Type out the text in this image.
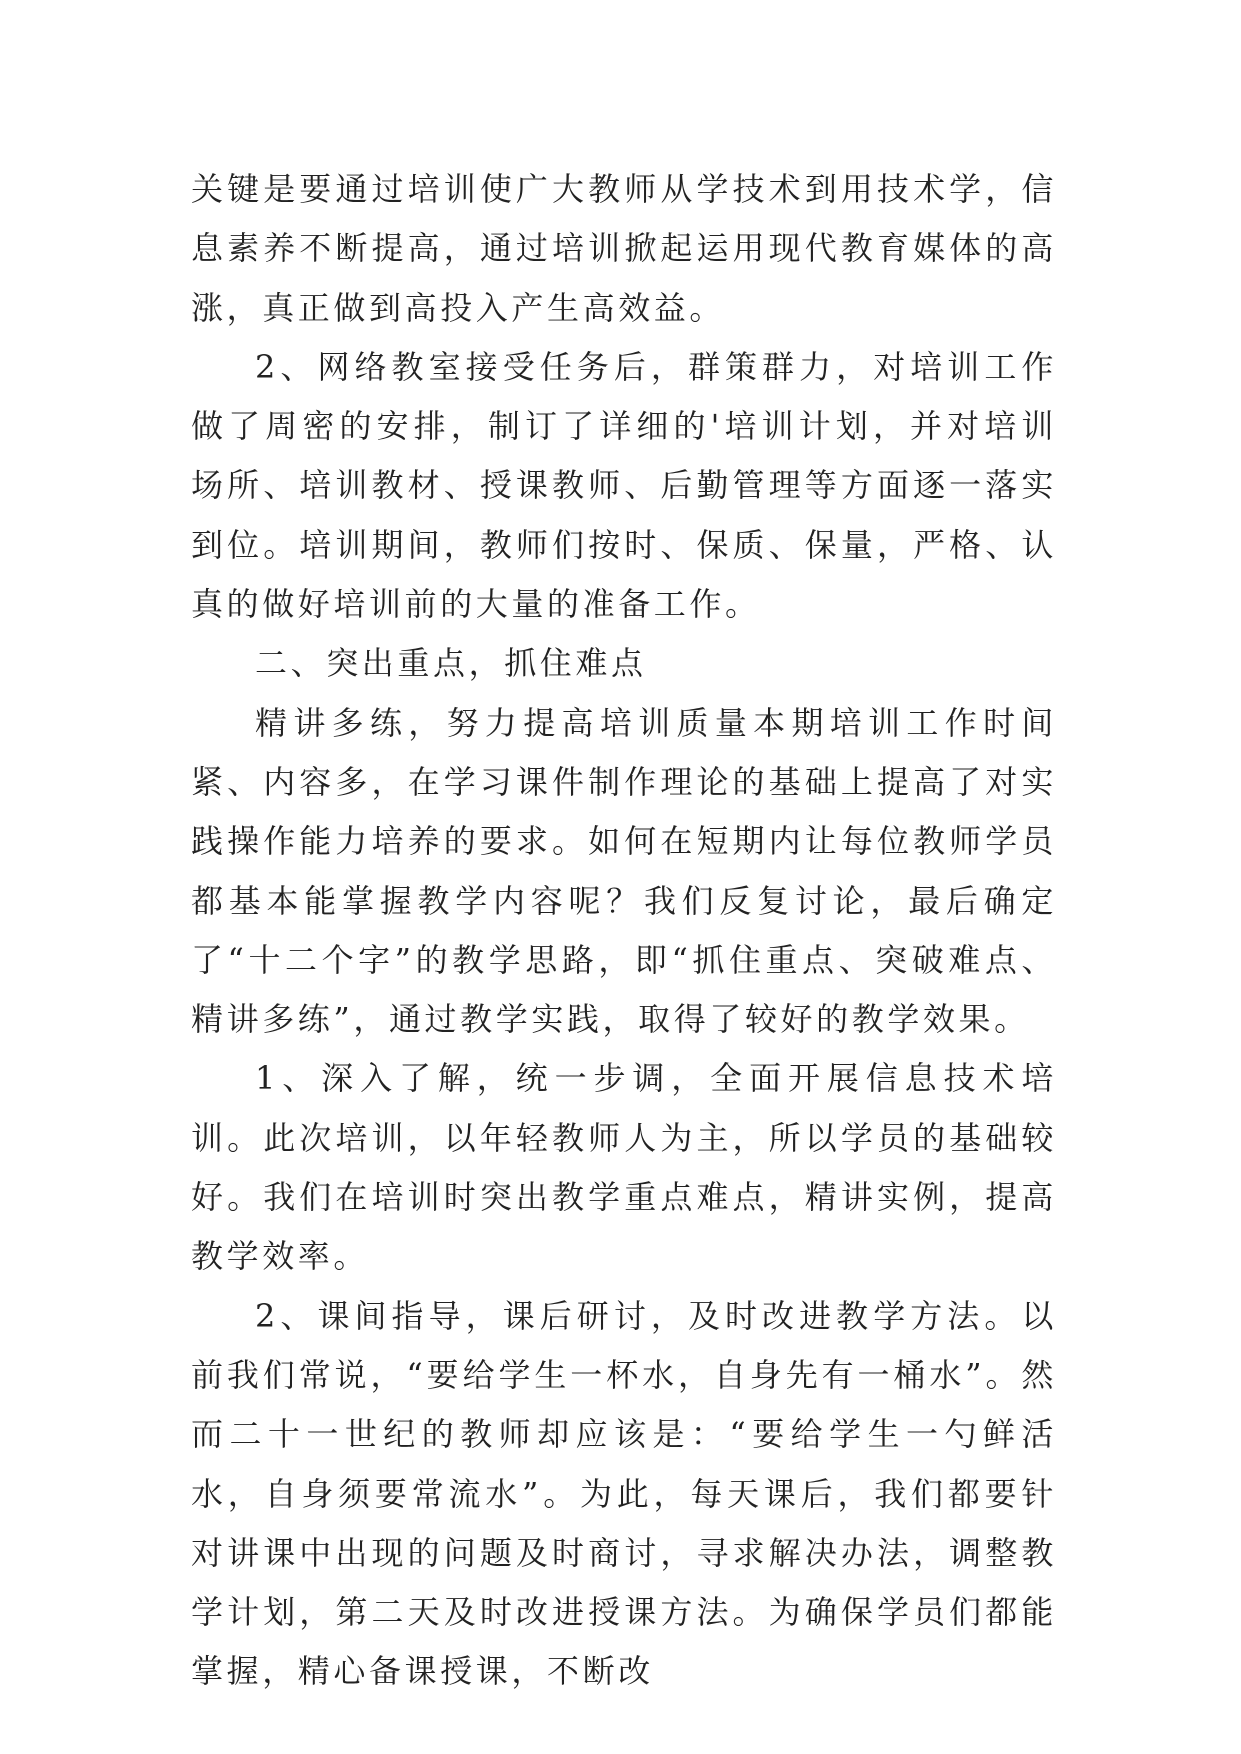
关键是要通过培训使广大教师从学技术到用技术学，信息素养不断提高，通过培训掀起运用现代教育媒体的高涨，真正做到高投入产生高效益。

2、网络教室接受任务后，群策群力，对培训工作做了周密的安排，制订了详细的'培训计划，并对培训场所、培训教材、授课教师、后勤管理等方面逐一落实到位。培训期间，教师们按时、保质、保量，严格、认真的做好培训前的大量的准备工作。

二、突出重点，抓住难点

精讲多练，努力提高培训质量本期培训工作时间紧、内容多，在学习课件制作理论的基础上提高了对实践操作能力培养的要求。如何在短期内让每位教师学员都基本能掌握教学内容呢？我们反复讨论，最后确定了“十二个字”的教学思路，即“抓住重点、突破难点、精讲多练”，通过教学实践，取得了较好的教学效果。

1、深入了解，统一步调，全面开展信息技术培训。此次培训，以年轻教师人为主，所以学员的基础较好。我们在培训时突出教学重点难点，精讲实例，提高教学效率。

2、课间指导，课后研讨，及时改进教学方法。以前我们常说，“要给学生一杯水，自身先有一桶水”。然而二十一世纪的教师却应该是：“要给学生一勺鲜活水，自身须要常流水”。为此，每天课后，我们都要针对讲课中出现的问题及时商讨，寻求解决办法，调整教学计划，第二天及时改进授课方法。为确保学员们都能掌握，精心备课授课，不断改
